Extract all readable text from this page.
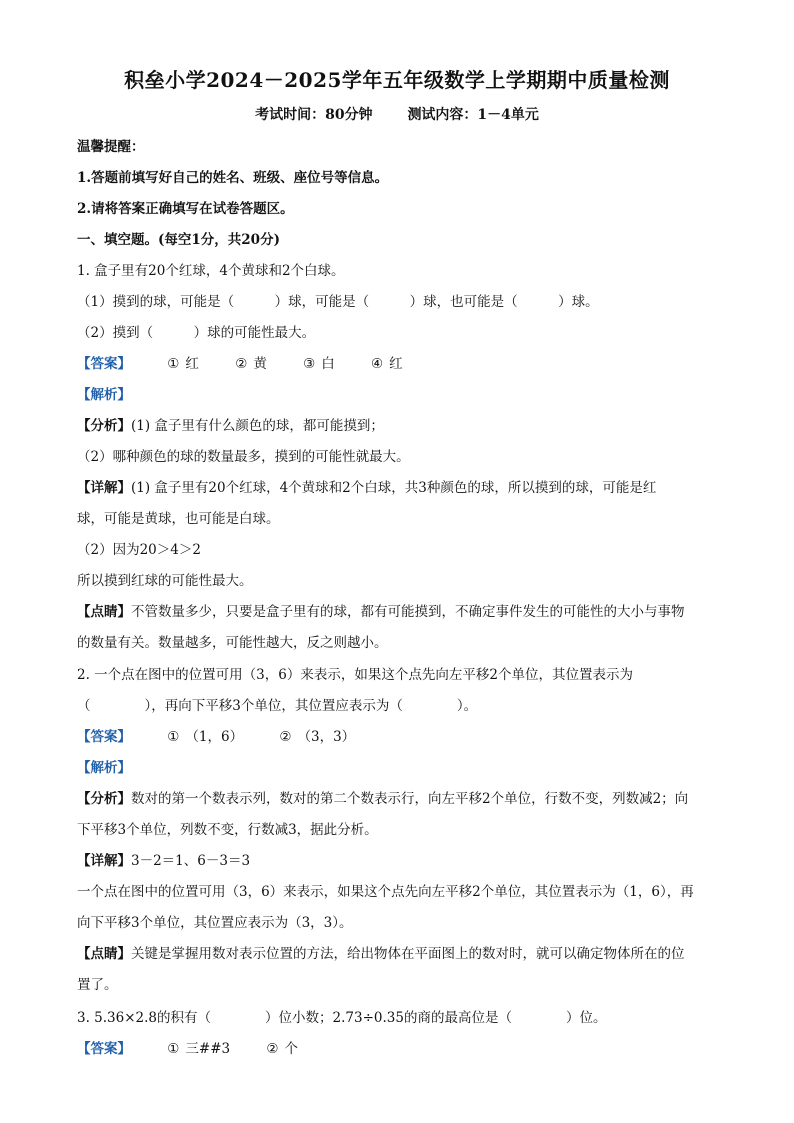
积垒小学2024－2025学年五年级数学上学期期中质量检测
考试时间：80分钟 测试内容：1－4单元
温馨提醒：
1.答题前填写好自己的姓名、班级、座位号等信息。
2.请将答案正确填写在试卷答题区。
一、填空题。(每空1分，共20分)
1. 盒子里有20个红球，4个黄球和2个白球。
（1）摸到的球，可能是（　　　）球，可能是（　　　）球，也可能是（　　　）球。
（2）摸到（　　　）球的可能性最大。
【答案】	① 红	② 黄	③ 白	④ 红
【解析】
【分析】(1) 盒子里有什么颜色的球，都可能摸到；
（2）哪种颜色的球的数量最多，摸到的可能性就最大。
【详解】(1) 盒子里有20个红球，4个黄球和2个白球，共3种颜色的球，所以摸到的球，可能是红
球，可能是黄球，也可能是白球。
（2）因为20＞4＞2
所以摸到红球的可能性最大。
【点睛】不管数量多少，只要是盒子里有的球，都有可能摸到，不确定事件发生的可能性的大小与事物
的数量有关。数量越多，可能性越大，反之则越小。
2. 一个点在图中的位置可用（3，6）来表示，如果这个点先向左平移2个单位，其位置表示为
（　　　　），再向下平移3个单位，其位置应表示为（　　　　）。
【答案】	① （1，6）	② （3，3）
【解析】
【分析】数对的第一个数表示列，数对的第二个数表示行，向左平移2个单位，行数不变，列数减2；向
下平移3个单位，列数不变，行数减3，据此分析。
【详解】3－2＝1、6－3＝3
一个点在图中的位置可用（3，6）来表示，如果这个点先向左平移2个单位，其位置表示为（1，6），再
向下平移3个单位，其位置应表示为（3，3）。
【点睛】关键是掌握用数对表示位置的方法，给出物体在平面图上的数对时，就可以确定物体所在的位
置了。
3. 5.36×2.8的积有（　　　　）位小数；2.73÷0.35的商的最高位是（　　　　）位。
【答案】	① 三##3	② 个
